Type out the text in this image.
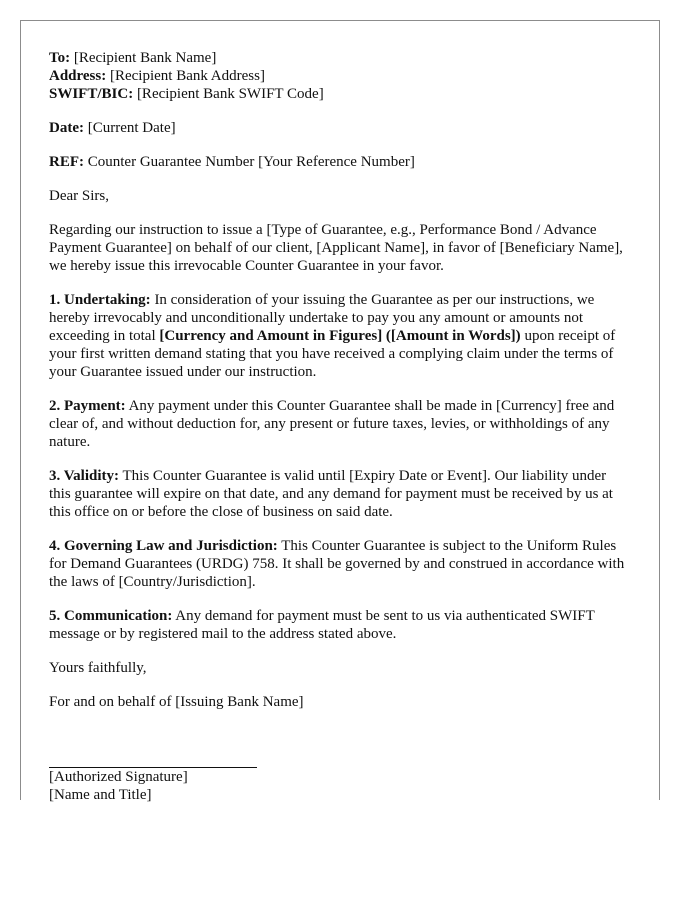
To: [Recipient Bank Name]

Address: [Recipient Bank Address]

SWIFT/BIC: [Recipient Bank SWIFT Code]

Date: [Current Date]

REF: Counter Guarantee Number [Your Reference Number]

Dear Sirs,

Regarding our instruction to issue a [Type of Guarantee, e.g., Performance Bond / Advance Payment Guarantee] on behalf of our client, [Applicant Name], in favor of [Beneficiary Name], we hereby issue this irrevocable Counter Guarantee in your favor.

1. Undertaking: In consideration of your issuing the Guarantee as per our instructions, we hereby irrevocably and unconditionally undertake to pay you any amount or amounts not exceeding in total [Currency and Amount in Figures] ([Amount in Words]) upon receipt of your first written demand stating that you have received a complying claim under the terms of your Guarantee issued under our instruction.

2. Payment: Any payment under this Counter Guarantee shall be made in [Currency] free and clear of, and without deduction for, any present or future taxes, levies, or withholdings of any nature.

3. Validity: This Counter Guarantee is valid until [Expiry Date or Event]. Our liability under this guarantee will expire on that date, and any demand for payment must be received by us at this office on or before the close of business on said date.

4. Governing Law and Jurisdiction: This Counter Guarantee is subject to the Uniform Rules for Demand Guarantees (URDG) 758. It shall be governed by and construed in accordance with the laws of [Country/Jurisdiction].

5. Communication: Any demand for payment must be sent to us via authenticated SWIFT message or by registered mail to the address stated above.

Yours faithfully,

For and on behalf of [Issuing Bank Name]

[Authorized Signature]

[Name and Title]
